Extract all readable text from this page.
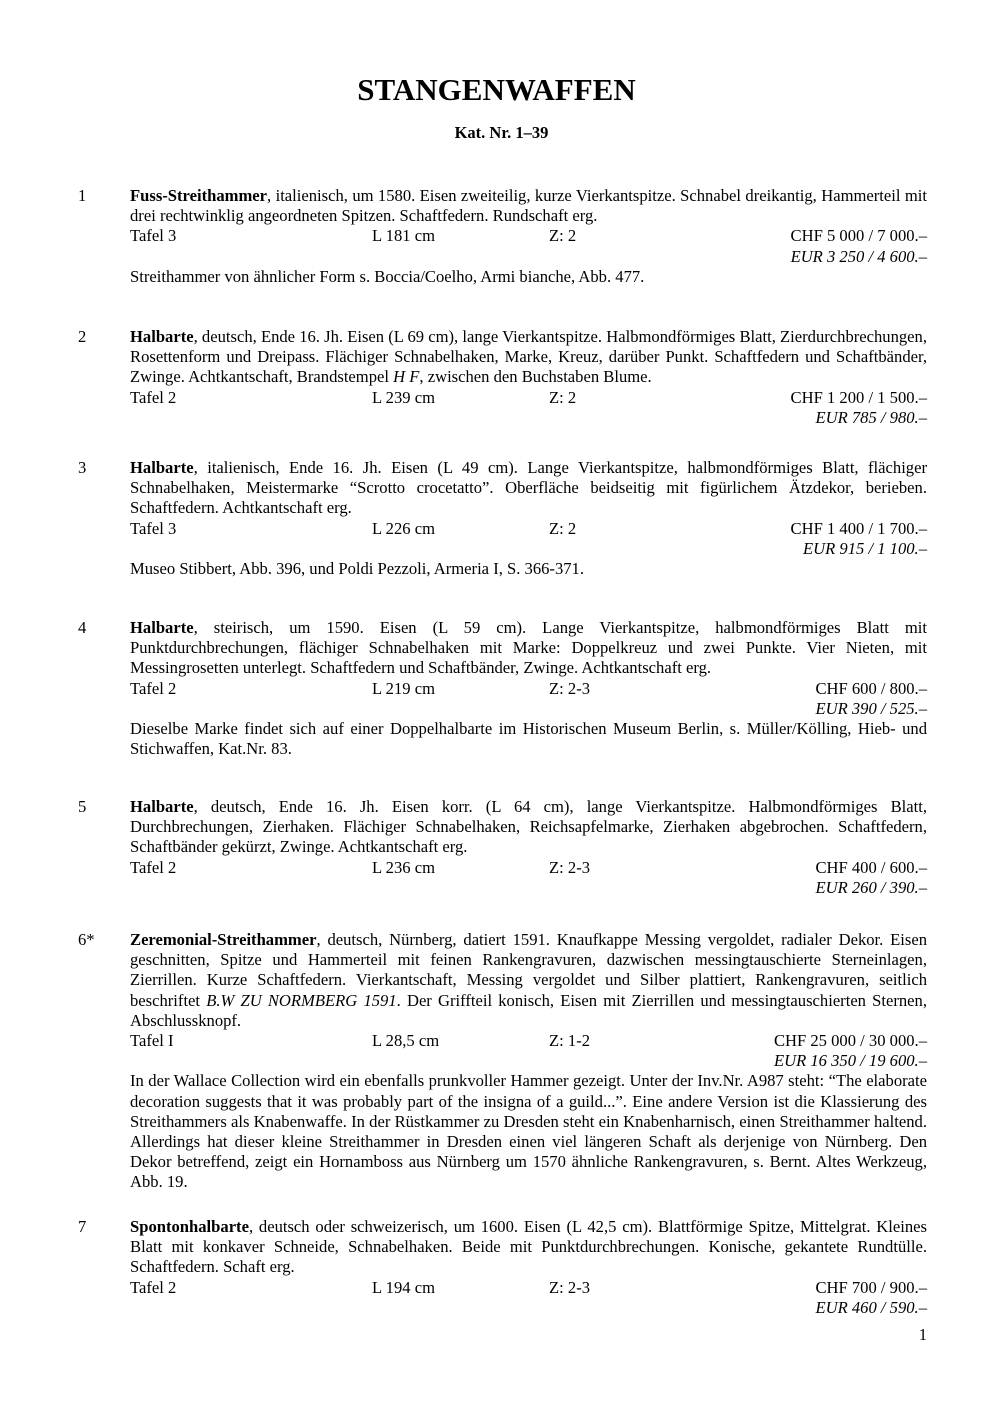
STANGENWAFFEN
Kat. Nr. 1–39
1	Fuss-Streithammer, italienisch, um 1580. Eisen zweiteilig, kurze Vierkantspitze. Schnabel dreikantig, Hammerteil mit drei rechtwinklig angeordneten Spitzen. Schaftfedern. Rundschaft erg.

Tafel 3	L 181 cm	Z: 2	CHF 5 000 / 7 000.–
EUR 3 250 / 4 600.–

Streithammer von ähnlicher Form s. Boccia/Coelho, Armi bianche, Abb. 477.

2	Halbarte, deutsch, Ende 16. Jh. Eisen (L 69 cm), lange Vierkantspitze. Halbmondförmiges Blatt, Zierdurchbrechungen, Rosettenform und Dreipass. Flächiger Schnabelhaken, Marke, Kreuz, darüber Punkt. Schaftfedern und Schaftbänder, Zwinge. Achtkantschaft, Brandstempel H F, zwischen den Buchstaben Blume.

Tafel 2	L 239 cm	Z: 2	CHF 1 200 / 1 500.–
EUR 785 / 980.–
3	Halbarte, italienisch, Ende 16. Jh. Eisen (L 49 cm). Lange Vierkantspitze, halbmondförmiges Blatt, flächiger Schnabelhaken, Meistermarke “Scrotto crocetatto”. Oberfläche beidseitig mit figürlichem Ätzdekor, berieben. Schaftfedern. Achtkantschaft erg.

Tafel 3	L 226 cm	Z: 2	CHF 1 400 / 1 700.–
EUR 915 / 1 100.–

Museo Stibbert, Abb. 396, und Poldi Pezzoli, Armeria I, S. 366-371.

4	Halbarte, steirisch, um 1590. Eisen (L 59 cm). Lange Vierkantspitze, halbmondförmiges Blatt mit Punktdurchbrechungen, flächiger Schnabelhaken mit Marke: Doppelkreuz und zwei Punkte. Vier Nieten, mit Messingrosetten unterlegt. Schaftfedern und Schaftbänder, Zwinge. Achtkantschaft erg.

Tafel 2	L 219 cm	Z: 2-3	CHF 600 / 800.–
EUR 390 / 525.–

Dieselbe Marke findet sich auf einer Doppelhalbarte im Historischen Museum Berlin, s. Müller/Kölling, Hieb- und Stichwaffen, Kat.Nr. 83.

5	Halbarte, deutsch, Ende 16. Jh. Eisen korr. (L 64 cm), lange Vierkantspitze. Halbmondförmiges Blatt, Durchbrechungen, Zierhaken. Flächiger Schnabelhaken, Reichsapfelmarke, Zierhaken abgebrochen. Schaftfedern, Schaftbänder gekürzt, Zwinge. Achtkantschaft erg.

Tafel 2	L 236 cm	Z: 2-3	CHF 400 / 600.–
EUR 260 / 390.–
6* Zeremonial-Streithammer, deutsch, Nürnberg, datiert 1591. Knaufkappe Messing vergoldet, radialer Dekor. Eisen geschnitten, Spitze und Hammerteil mit feinen Rankengravuren, dazwischen messingtauschierte Sterneinlagen, Zierrillen. Kurze Schaftfedern. Vierkantschaft, Messing vergoldet und Silber plattiert, Rankengravuren, seitlich beschriftet B.W ZU NORMBERG 1591. Der Griffteil konisch, Eisen mit Zierrillen und messingtauschierten Sternen, Abschlussknopf.

Tafel I	L 28,5 cm	Z: 1-2	CHF 25 000 / 30 000.–
EUR 16 350 / 19 600.–

In der Wallace Collection wird ein ebenfalls prunkvoller Hammer gezeigt. Unter der Inv.Nr. A987 steht: “The elaborate decoration suggests that it was probably part of the insigna of a guild...”. Eine andere Version ist die Klassierung des Streithammers als Knabenwaffe. In der Rüstkammer zu Dresden steht ein Knabenharnisch, einen Streithammer haltend. Allerdings hat dieser kleine Streithammer in Dresden einen viel längeren Schaft als derjenige von Nürnberg. Den Dekor betreffend, zeigt ein Hornamboss aus Nürnberg um 1570 ähnliche Rankengravuren, s. Bernt. Altes Werkzeug, Abb. 19.

7	Spontonhalbarte, deutsch oder schweizerisch, um 1600. Eisen (L 42,5 cm). Blattförmige Spitze, Mittelgrat. Kleines Blatt mit konkaver Schneide, Schnabelhaken. Beide mit Punktdurchbrechungen. Konische, gekantete Rundtülle. Schaftfedern. Schaft erg.

Tafel 2	L 194 cm	Z: 2-3	CHF 700 / 900.–
EUR 460 / 590.–
1
